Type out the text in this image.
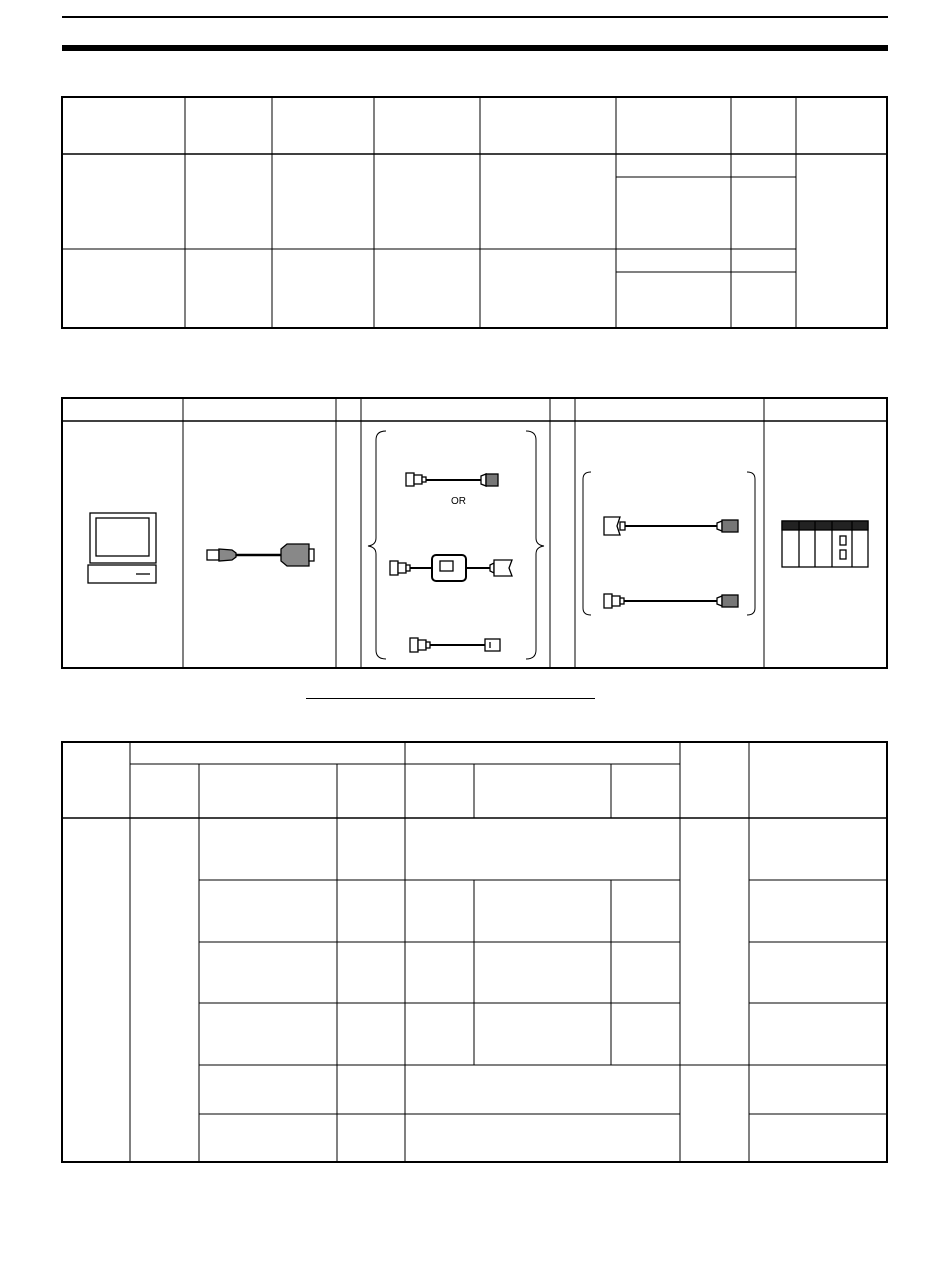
OR
